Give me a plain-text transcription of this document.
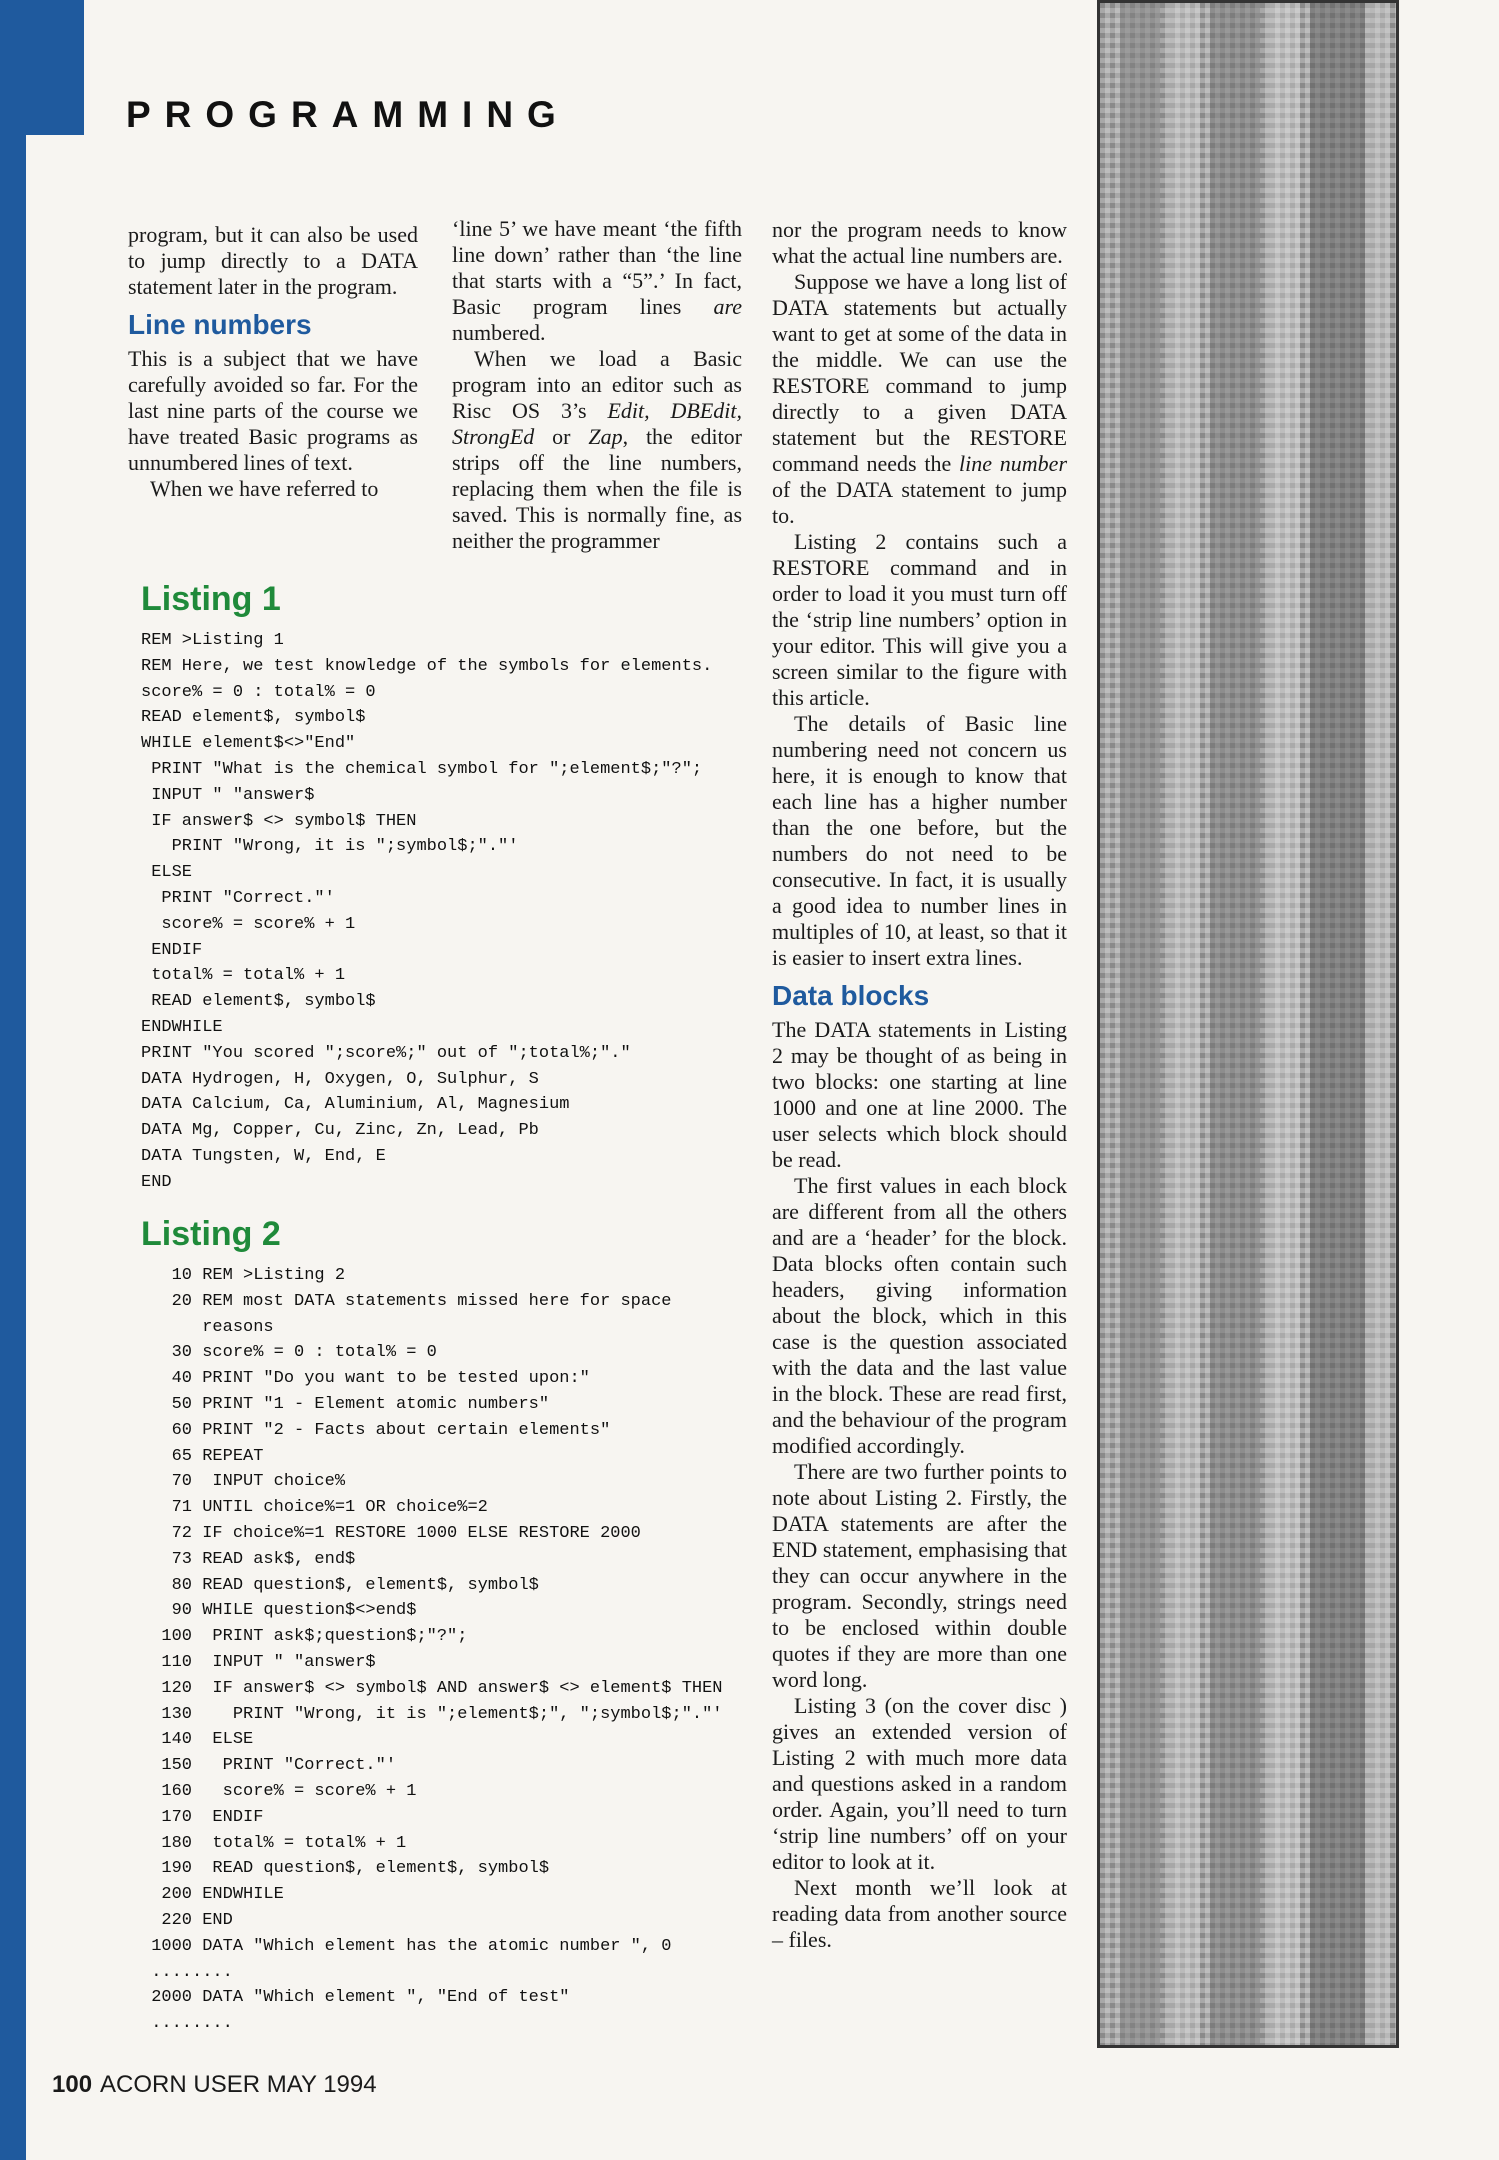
PROGRAMMING

program, but it can also be used to jump directly to a DATA statement later in the program.

Line numbers

This is a subject that we have carefully avoided so far. For the last nine parts of the course we have treated Basic programs as unnumbered lines of text.

When we have referred to

‘line 5’ we have meant ‘the fifth line down’ rather than ‘the line that starts with a “5”.’ In fact, Basic program lines are numbered.

When we load a Basic program into an editor such as Risc OS 3’s Edit, DBEdit, StrongEd or Zap, the editor strips off the line numbers, replacing them when the file is saved. This is normally fine, as neither the programmer

nor the program needs to know what the actual line numbers are.

Suppose we have a long list of DATA statements but actually want to get at some of the data in the middle. We can use the RESTORE command to jump directly to a given DATA statement but the RESTORE command needs the line number of the DATA statement to jump to.

Listing 2 contains such a RESTORE command and in order to load it you must turn off the ‘strip line numbers’ option in your editor. This will give you a screen similar to the figure with this article.

The details of Basic line numbering need not concern us here, it is enough to know that each line has a higher number than the one before, but the numbers do not need to be consecutive. In fact, it is usually a good idea to number lines in multiples of 10, at least, so that it is easier to insert extra lines.

Data blocks

The DATA statements in Listing 2 may be thought of as being in two blocks: one starting at line 1000 and one at line 2000. The user selects which block should be read.

The first values in each block are different from all the others and are a ‘header’ for the block. Data blocks often contain such headers, giving information about the block, which in this case is the question associated with the data and the last value in the block. These are read first, and the behaviour of the program modified accordingly.

There are two further points to note about Listing 2. Firstly, the DATA statements are after the END statement, emphasising that they can occur anywhere in the program. Secondly, strings need to be enclosed within double quotes if they are more than one word long.

Listing 3 (on the cover disc ) gives an extended version of Listing 2 with much more data and questions asked in a random order. Again, you’ll need to turn ‘strip line numbers’ off on your editor to look at it.

Next month we’ll look at reading data from another source – files.

Listing 1
REM >Listing 1
REM Here, we test knowledge of the symbols for elements.
score% = 0 : total% = 0
READ element$, symbol$
WHILE element$<>"End"
PRINT "What is the chemical symbol for ";element$;"?";
INPUT " "answer$
IF answer$ <> symbol$ THEN
PRINT "Wrong, it is ";symbol$;"."'
ELSE
PRINT "Correct."'
score% = score% + 1
ENDIF
total% = total% + 1
READ element$, symbol$
ENDWHILE
PRINT "You scored ";score%;" out of ";total%;"."
DATA Hydrogen, H, Oxygen, O, Sulphur, S
DATA Calcium, Ca, Aluminium, Al, Magnesium
DATA Mg, Copper, Cu, Zinc, Zn, Lead, Pb
DATA Tungsten, W, End, E
END
Listing 2
10 REM >Listing 2
20 REM most DATA statements missed here for space
reasons
30 score% = 0 : total% = 0
40 PRINT "Do you want to be tested upon:"
50 PRINT "1 - Element atomic numbers"
60 PRINT "2 - Facts about certain elements"
65 REPEAT
70  INPUT choice%
71 UNTIL choice%=1 OR choice%=2
72 IF choice%=1 RESTORE 1000 ELSE RESTORE 2000
73 READ ask$, end$
80 READ question$, element$, symbol$
90 WHILE question$<>end$
100  PRINT ask$;question$;"?";
110  INPUT " "answer$
120  IF answer$ <> symbol$ AND answer$ <> element$ THEN
130    PRINT "Wrong, it is ";element$;", ";symbol$;"."'
140  ELSE
150   PRINT "Correct."'
160   score% = score% + 1
170  ENDIF
180  total% = total% + 1
190  READ question$, element$, symbol$
200 ENDWHILE
220 END
1000 DATA "Which element has the atomic number ", 0
........
2000 DATA "Which element ", "End of test"
........
100 ACORN USER MAY 1994
